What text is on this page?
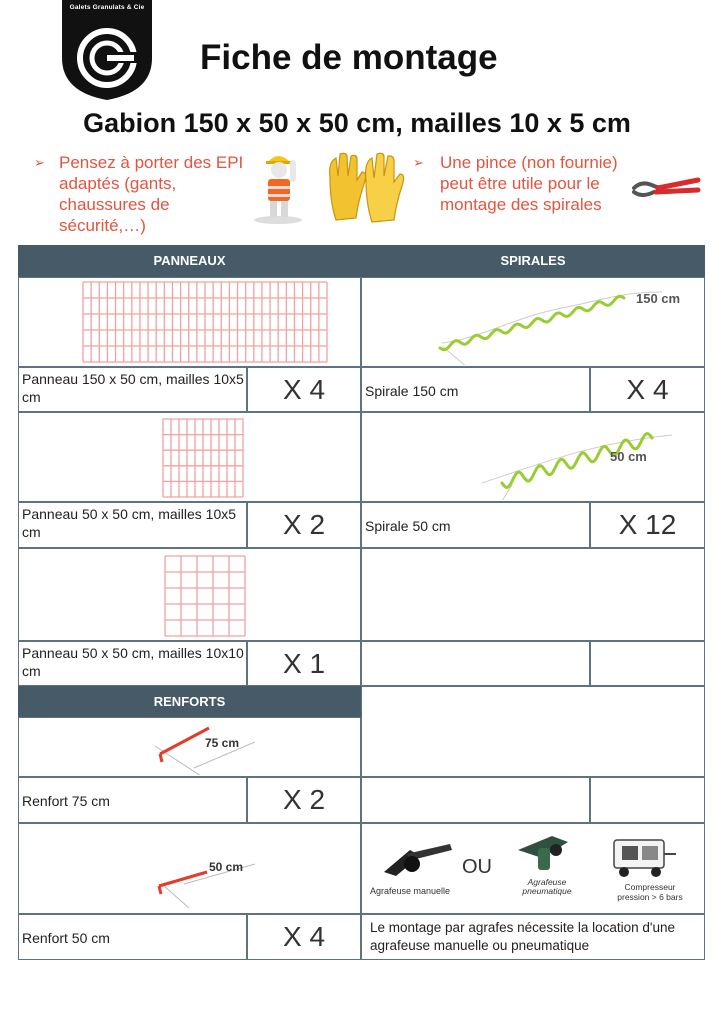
Galets Granulats & Cie
Fiche de montage
Gabion 150 x 50 x 50 cm, mailles 10 x 5 cm
➢ Pensez à porter des EPI adaptés (gants, chaussures de sécurité,…)
➢ Une pince (non fournie) peut être utile pour le montage des spirales
PANNEAUX	SPIRALES
150 cm
Panneau 150 x 50 cm, mailles 10x5 cm	X 4	Spirale 150 cm	X 4
50 cm
Panneau 50 x 50 cm, mailles 10x5 cm	X 2	Spirale 50 cm	X 12
Panneau 50 x 50 cm, mailles 10x10 cm	X 1
RENFORTS
75 cm
Renfort 75 cm	X 2
50 cm
Agrafeuse manuelle
OU
Agrafeuse pneumatique	Compresseur pression > 6 bars
Renfort 50 cm	X 4	Le montage par agrafes nécessite la location d'une agrafeuse manuelle ou pneumatique
